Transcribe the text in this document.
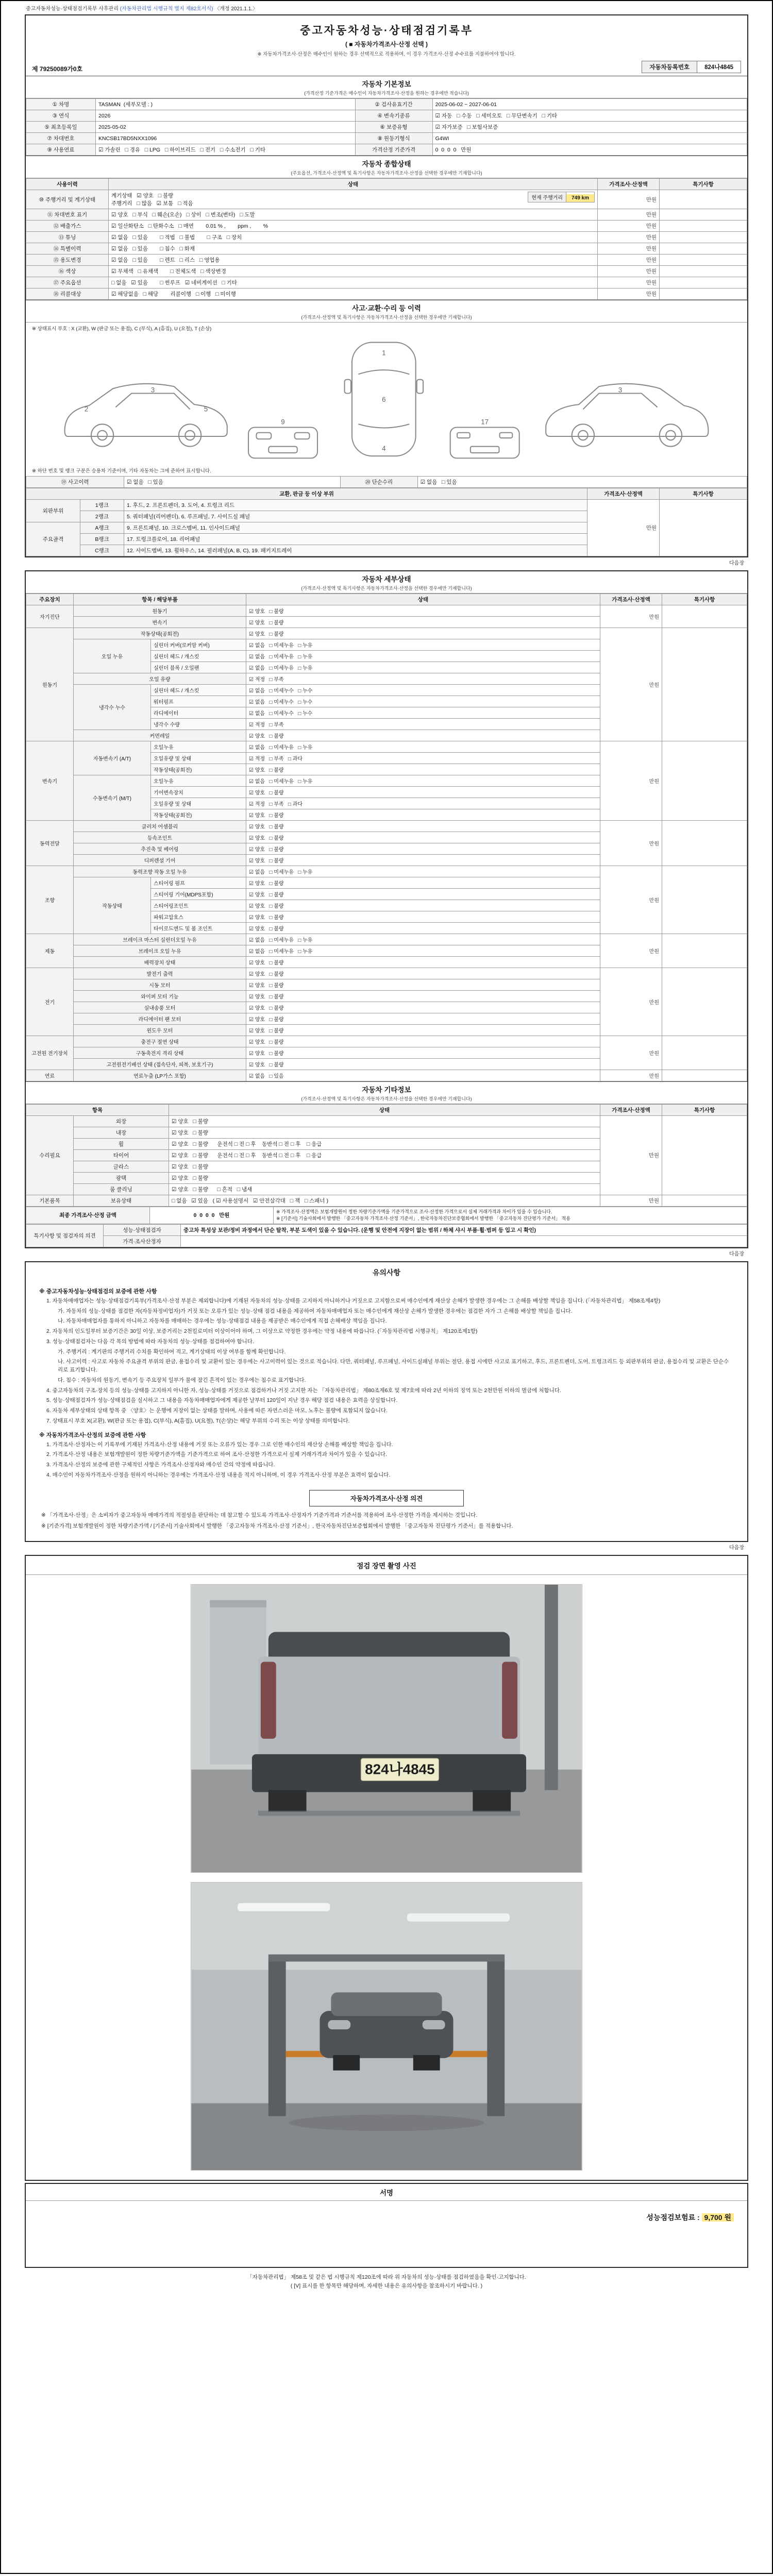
중고자동차성능·상태점검기록부 사후관리 (자동차관리법 시행규칙 별지 제82호서식) 〈개정 2021.1.1.〉
중고자동차성능·상태점검기록부
( ■ 자동차가격조사·산정 선택 )
※ 자동차가격조사·산정은 매수인이 원하는 경우 선택적으로 적용하며, 이 경우 가격조사·산정 수수료를 지불하여야 합니다.
제 79250089가0호	자동차등록번호	824나4845
자동차 기본정보
(가격산정 기준가격은 매수인이 자동차가격조사·산정을 원하는 경우에만 적습니다)
① 차명	TASMAN  (세부모델 : )	② 검사유효기간	2025-06-02 ~ 2027-06-01
③ 연식	2026	④ 변속기종류	☑ 자동   □ 수동   □ 세미오토   □ 무단변속기   □ 기타
⑤ 최초등록일	2025-05-02	⑥ 보증유형	☑ 자가보증   □ 보험사보증
⑦ 차대번호	KNCSB17BD5NXX1096	⑧ 원동기형식	G4WI
⑨ 사용연료	☑ 가솔린   □ 경유   □ LPG   □ 하이브리드   □ 전기   □ 수소전기   □ 기타	가격산정 기준가격	0  0  0  0   만원
자동차 종합상태
(주요옵션, 가격조사·산정액 및 특기사항은 자동차가격조사·산정을 선택한 경우에만 기재합니다)
사용이력	상태	가격조사·산정액	특기사항
⑩ 주행거리 및 계기상태	현재 주행거리 749 km
계기상태   ☑ 양호   □ 불량
주행거리   □ 많음   ☑ 보통   □ 적음	만원	
⑪ 차대번호 표기	☑ 양호   □ 부식   □ 훼손(오손)   □ 상이   □ 변조(변타)   □ 도말	만원	
⑫ 배출가스	☑ 일산화탄소   □ 탄화수소   □ 매연        0.01 % ,        ppm ,        %	만원	
⑬ 튜닝	☑ 없음   □ 있음        □ 적법   □ 불법        □ 구조   □ 장치	만원	
⑭ 특별이력	☑ 없음   □ 있음        □ 침수   □ 화재	만원	
⑮ 용도변경	☑ 없음   □ 있음        □ 렌트   □ 리스   □ 영업용	만원	
⑯ 색상	☑ 무채색   □ 유채색        □ 전체도색   □ 색상변경	만원	
⑰ 주요옵션	□ 없음   ☑ 있음        □ 썬루프   ☑ 네비게이션   □ 기타	만원	
⑱ 리콜대상	☑ 해당없음   □ 해당        리콜이행   □ 이행   □ 미이행	만원	
사고·교환·수리 등 이력
(가격조사·산정액 및 특기사항은 자동차가격조사·산정을 선택한 경우에만 기재합니다)
※ 상태표시 부호 : X (교환), W (판금 또는 용접), C (부식), A (흠집), U (요철), T (손상)
1
6
4
3
2	5
3
9	17
※ 하단 번호 및 랭크 구분은 승용차 기준이며, 기타 자동차는 그에 준하여 표시합니다.
⑲ 사고이력	☑ 없음   □ 있음	⑳ 단순수리	☑ 없음   □ 있음
교환, 판금 등 이상 부위			가격조사·산정액	특기사항
외판부위	1랭크	1. 후드, 2. 프론트펜더, 3. 도어, 4. 트렁크 리드	만원	
	2랭크	5. 쿼터패널(리어펜더), 6. 루프패널, 7. 사이드실 패널		
주요골격	A랭크	9. 프론트패널, 10. 크로스멤버, 11. 인사이드패널		
	B랭크	17. 트렁크플로어, 18. 리어패널		
	C랭크	12. 사이드멤버, 13. 휠하우스, 14. 필러패널(A, B, C), 19. 패키지트레이		
다음장
자동차 세부상태
(가격조사·산정액 및 특기사항은 자동차가격조사·산정을 선택한 경우에만 기재합니다)
주요장치	항목 / 해당부품		상태	가격조사·산정액	특기사항
자기진단	원동기		☑ 양호   □ 불량	만원	
	변속기		☑ 양호   □ 불량		
원동기	작동상태(공회전)		☑ 양호   □ 불량	만원	
	오일 누유	실린더 커버(로커암 커버)	☑ 없음   □ 미세누유   □ 누유		
		실린더 헤드 / 개스킷	☑ 없음   □ 미세누유   □ 누유		
		실린더 블록 / 오일팬	☑ 없음   □ 미세누유   □ 누유		
	오일 유량		☑ 적정   □ 부족		
	냉각수 누수	실린더 헤드 / 개스킷	☑ 없음   □ 미세누수   □ 누수		
		워터펌프	☑ 없음   □ 미세누수   □ 누수		
		라디에이터	☑ 없음   □ 미세누수   □ 누수		
		냉각수 수량	☑ 적정   □ 부족		
	커먼레일		☑ 양호   □ 불량		
변속기	자동변속기 (A/T)	오일누유	☑ 없음   □ 미세누유   □ 누유	만원	
		오일유량 및 상태	☑ 적정   □ 부족   □ 과다		
		작동상태(공회전)	☑ 양호   □ 불량		
	수동변속기 (M/T)	오일누유	☑ 없음   □ 미세누유   □ 누유		
		기어변속장치	☑ 양호   □ 불량		
		오일유량 및 상태	☑ 적정   □ 부족   □ 과다		
		작동상태(공회전)	☑ 양호   □ 불량		
동력전달	클러치 어셈블리		☑ 양호   □ 불량	만원	
	등속조인트		☑ 양호   □ 불량		
	추진축 및 베어링		☑ 양호   □ 불량		
	디퍼렌셜 기어		☑ 양호   □ 불량		
조향	동력조향 작동 오일 누유		☑ 없음   □ 미세누유   □ 누유	만원	
	작동상태	스티어링 펌프	☑ 양호   □ 불량		
		스티어링 기어(MDPS포함)	☑ 양호   □ 불량		
		스티어링조인트	☑ 양호   □ 불량		
		파워고압호스	☑ 양호   □ 불량		
		타이로드엔드 및 볼 조인트	☑ 양호   □ 불량		
제동	브레이크 마스터 실린더오일 누유		☑ 없음   □ 미세누유   □ 누유	만원	
	브레이크 오일 누유		☑ 없음   □ 미세누유   □ 누유		
	배력장치 상태		☑ 양호   □ 불량		
전기	발전기 출력		☑ 양호   □ 불량	만원	
	시동 모터		☑ 양호   □ 불량		
	와이퍼 모터 기능		☑ 양호   □ 불량		
	실내송풍 모터		☑ 양호   □ 불량		
	라디에이터 팬 모터		☑ 양호   □ 불량		
	윈도우 모터		☑ 양호   □ 불량		
고전원 전기장치	충전구 절연 상태		☑ 양호   □ 불량	만원	
	구동축전지 격리 상태		☑ 양호   □ 불량		
	고전원전기배선 상태 (접속단자, 피복, 보호기구)		☑ 양호   □ 불량		
연료	연료누출 (LP가스 포함)		☑ 없음   □ 있음	만원	
자동차 기타정보
(가격조사·산정액 및 특기사항은 자동차가격조사·산정을 선택한 경우에만 기재합니다)
항목		상태	가격조사·산정액	특기사항
수리필요	외장	☑ 양호   □ 불량	만원	
	내장	☑ 양호   □ 불량		
	휠	☑ 양호   □ 불량      운전석 □ 전 □ 후    동반석 □ 전 □ 후    □ 응급		
	타이어	☑ 양호   □ 불량      운전석 □ 전 □ 후    동반석 □ 전 □ 후    □ 응급		
	글라스	☑ 양호   □ 불량		
	광택	☑ 양호   □ 불량		
	룸 클리닝	☑ 양호   □ 불량      □ 흔적   □ 냄새		
기본품목	보유상태	□ 없음   ☑ 있음   ( ☑ 사용설명서   ☑ 안전삼각대   □ 잭   □ 스패너 )	만원	
최종 가격조사·산정 금액	0  0  0  0   만원	
※ 가격조사·산정액은 보험개발원이 정한 차량기준가액을 기준가격으로 조사·산정한 가격으로서 실제 거래가격과 차이가 있을 수 있습니다.
※ [기준서] 기술사회에서 발행한 「중고자동차 가격조사·산정 기준서」, 한국자동차진단보증협회에서 발행한 「중고자동차 진단평가 기준서」 적용
특기사항 및 점검자의 의견	성능·상태점검자	중고차 특성상 보관/정비 과정에서 단순 탈착, 부분 도색이 있을 수 있습니다. (운행 및 안전에 지장이 없는 범위 / 하체 샤시 부품·휠·범퍼 등 입고 시 확인)
	가격·조사산정자	
다음장
유의사항
※ 중고자동차성능·상태점검의 보증에 관한 사항
1. 자동차매매업자는 성능·상태점검기록부(가격조사·산정 부분은 제외합니다)에 기재된 자동차의 성능·상태를 고지하지 아니하거나 거짓으로 고지함으로써 매수인에게 재산상 손해가 발생한 경우에는 그 손해를 배상할 책임을 집니다. (「자동차관리법」 제58조제4항)
가. 자동차의 성능·상태를 점검한 자(자동차정비업자)가 거짓 또는 오류가 있는 성능·상태 점검 내용을 제공하여 자동차매매업자 또는 매수인에게 재산상 손해가 발생한 경우에는 점검한 자가 그 손해를 배상할 책임을 집니다.
나. 자동차매매업자를 통하지 아니하고 자동차를 매매하는 경우에는 성능·상태점검 내용을 제공받은 매수인에게 직접 손해배상 책임을 집니다.
2. 자동차의 인도일부터 보증기간은 30일 이상, 보증거리는 2천킬로미터 이상이어야 하며, 그 이상으로 약정한 경우에는 약정 내용에 따릅니다. (「자동차관리법 시행규칙」 제120조제1항)
3. 성능·상태점검자는 다음 각 목의 방법에 따라 자동차의 성능·상태를 점검하여야 합니다.
가. 주행거리 : 계기판의 주행거리 수치를 확인하여 적고, 계기상태의 이상 여부를 함께 확인합니다.
나. 사고이력 : 사고로 자동차 주요골격 부위의 판금, 용접수리 및 교환이 있는 경우에는 사고이력이 있는 것으로 적습니다. 다만, 쿼터패널, 루프패널, 사이드실패널 부위는 절단, 용접 시에만 사고로 표기하고, 후드, 프론트펜더, 도어, 트렁크리드 등 외판부위의 판금, 용접수리 및 교환은 단순수리로 표기합니다.
다. 침수 : 자동차의 원동기, 변속기 등 주요장치 일부가 물에 잠긴 흔적이 있는 경우에는 침수로 표기합니다.
4. 중고자동차의 구조·장치 등의 성능·상태를 고지하지 아니한 자, 성능·상태를 거짓으로 점검하거나 거짓 고지한 자는 「자동차관리법」 제80조제6호 및 제7호에 따라 2년 이하의 징역 또는 2천만원 이하의 벌금에 처합니다.
5. 성능·상태점검자가 성능·상태점검을 실시하고 그 내용을 자동차매매업자에게 제공한 날부터 120일이 지난 경우 해당 점검 내용은 효력을 상실합니다.
6. 자동차 세부상태의 상태 항목 중 〈양호〉는 운행에 지장이 없는 상태를 말하며, 사용에 따른 자연스러운 마모, 노후는 불량에 포함되지 않습니다.
7. 상태표시 부호 X(교환), W(판금 또는 용접), C(부식), A(흠집), U(요철), T(손상)는 해당 부위의 수리 또는 이상 상태를 의미합니다.
※ 자동차가격조사·산정의 보증에 관한 사항
1. 가격조사·산정자는 이 기록부에 기재된 가격조사·산정 내용에 거짓 또는 오류가 있는 경우 그로 인한 매수인의 재산상 손해를 배상할 책임을 집니다.
2. 가격조사·산정 내용은 보험개발원이 정한 차량기준가액을 기준가격으로 하여 조사·산정한 가격으로서 실제 거래가격과 차이가 있을 수 있습니다.
3. 가격조사·산정의 보증에 관한 구체적인 사항은 가격조사·산정자와 매수인 간의 약정에 따릅니다.
4. 매수인이 자동차가격조사·산정을 원하지 아니하는 경우에는 가격조사·산정 내용을 적지 아니하며, 이 경우 가격조사·산정 부분은 효력이 없습니다.
자동차가격조사·산정 의견
※ 「가격조사·산정」은 소비자가 중고자동차 매매가격의 적절성을 판단하는 데 참고할 수 있도록 가격조사·산정자가 기준가격과 기준서를 적용하여 조사·산정한 가격을 제시하는 것입니다.
※ [기준가격] 보험개발원이 정한 차량기준가액 / [기준서] 기술사회에서 발행한 「중고자동차 가격조사·산정 기준서」, 한국자동차진단보증협회에서 발행한 「중고자동차 진단평가 기준서」를 적용합니다.
다음장
점검 장면 촬영 사진
824나4845
서명
성능점검보험료 : 9,700 원
「자동차관리법」 제58조 및 같은 법 시행규칙 제120조에 따라 위 자동차의 성능·상태를 점검하였음을 확인·고지합니다.
( [V] 표시를 한 항목만 해당하며, 자세한 내용은 유의사항을 참조하시기 바랍니다. )
